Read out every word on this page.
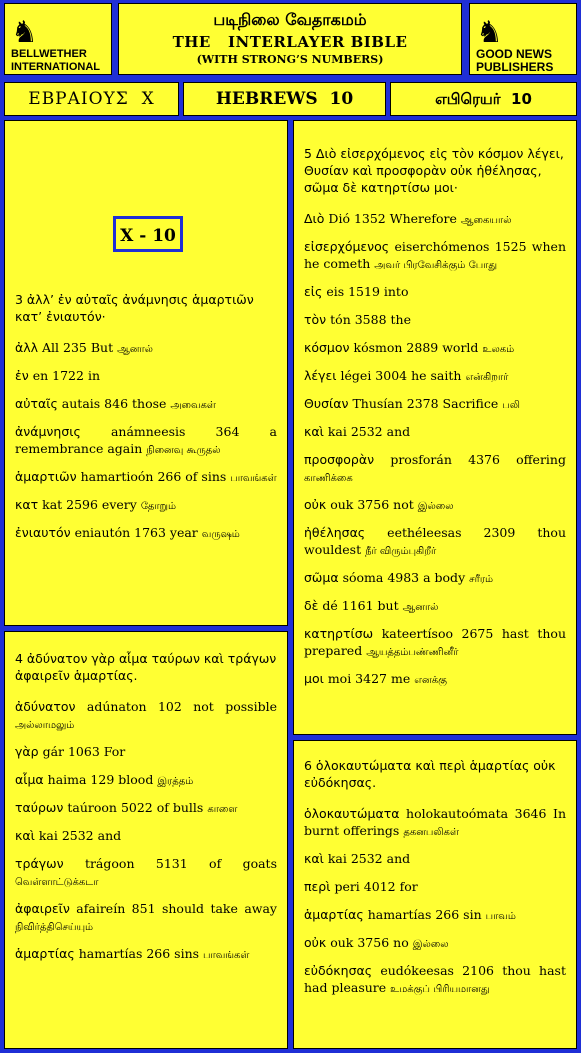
♞ BELLWETHER
INTERNATIONAL
படிநிலை வேதாகமம்
THE   INTERLAYER BIBLE
(WITH STRONG’S NUMBERS)
♞ GOOD NEWS
PUBLISHERS
ΕΒΡΑΙΟΥΣ  X	HEBREWS  10	எபிரெயர்  10
X - 10
3 ἀλλ’ ἐν αὐταῖς ἀνάμνησις ἁμαρτιῶν κατ’ ἐνιαυτόν·
ἀλλ All 235 But ஆனால்
ἐν en 1722 in
αὐταῖς autais 846 those அவைகள்
ἀνάμνησις anámneesis 364 a remembrance again நினைவு கூருதல்
ἁμαρτιῶν hamartioón 266 of sins பாவங்கள்
κατ kat 2596 every தோறும்
ἐνιαυτόν eniautón 1763 year வருஷம்
4 ἀδύνατον γὰρ αἷμα ταύρων καὶ τράγων ἀφαιρεῖν ἁμαρτίας.
ἀδύνατον adúnaton 102 not possible அல்லாமலும்
γὰρ gár 1063 For
αἷμα haima 129 blood இரத்தம்
ταύρων taúroon 5022 of bulls காளை
καὶ kai 2532 and
τράγων trágoon 5131 of goats வெள்ளாட்டுக்கடா
ἀφαιρεῖν afaireín 851 should take away நிவிர்த்திசெய்யும்
ἁμαρτίας hamartías 266 sins பாவங்கள்
5 Διὸ εἰσερχόμενος εἰς τὸν κόσμον λέγει, Θυσίαν καὶ προσφορὰν οὐκ ἠθέλησας, σῶμα δὲ κατηρτίσω μοι·
Διὸ Dió 1352 Wherefore ஆகையால்
εἰσερχόμενος eiserchómenos 1525 when he cometh அவர் பிரவேசிக்கும் போது
εἰς eis 1519 into
τὸν tón 3588 the
κόσμον kósmon 2889 world உலகம்
λέγει légei 3004 he saith என்கிறார்
Θυσίαν Thusían 2378 Sacrifice பலி
καὶ kai 2532 and
προσφορὰν prosforán 4376 offering காணிக்கை
οὐκ ouk 3756 not இல்லை
ἠθέλησας eethéleesas 2309 thou wouldest நீர் விரும்புகிறீர்
σῶμα sóoma 4983 a body சரீரம்
δὲ dé 1161 but ஆனால்
κατηρτίσω kateertísoo 2675 hast thou prepared ஆயத்தம்பண்ணினீர்
μοι moi 3427 me எனக்கு
6 ὁλοκαυτώματα καὶ περὶ ἁμαρτίας οὐκ εὐδόκησας.
ὁλοκαυτώματα holokautoómata 3646 In burnt offerings தகனபலிகள்
καὶ kai 2532 and
περὶ peri 4012 for
ἁμαρτίας hamartías 266 sin பாவம்
οὐκ ouk 3756 no இல்லை
εὐδόκησας eudókeesas 2106 thou hast had pleasure உமக்குப் பிரியமானது
